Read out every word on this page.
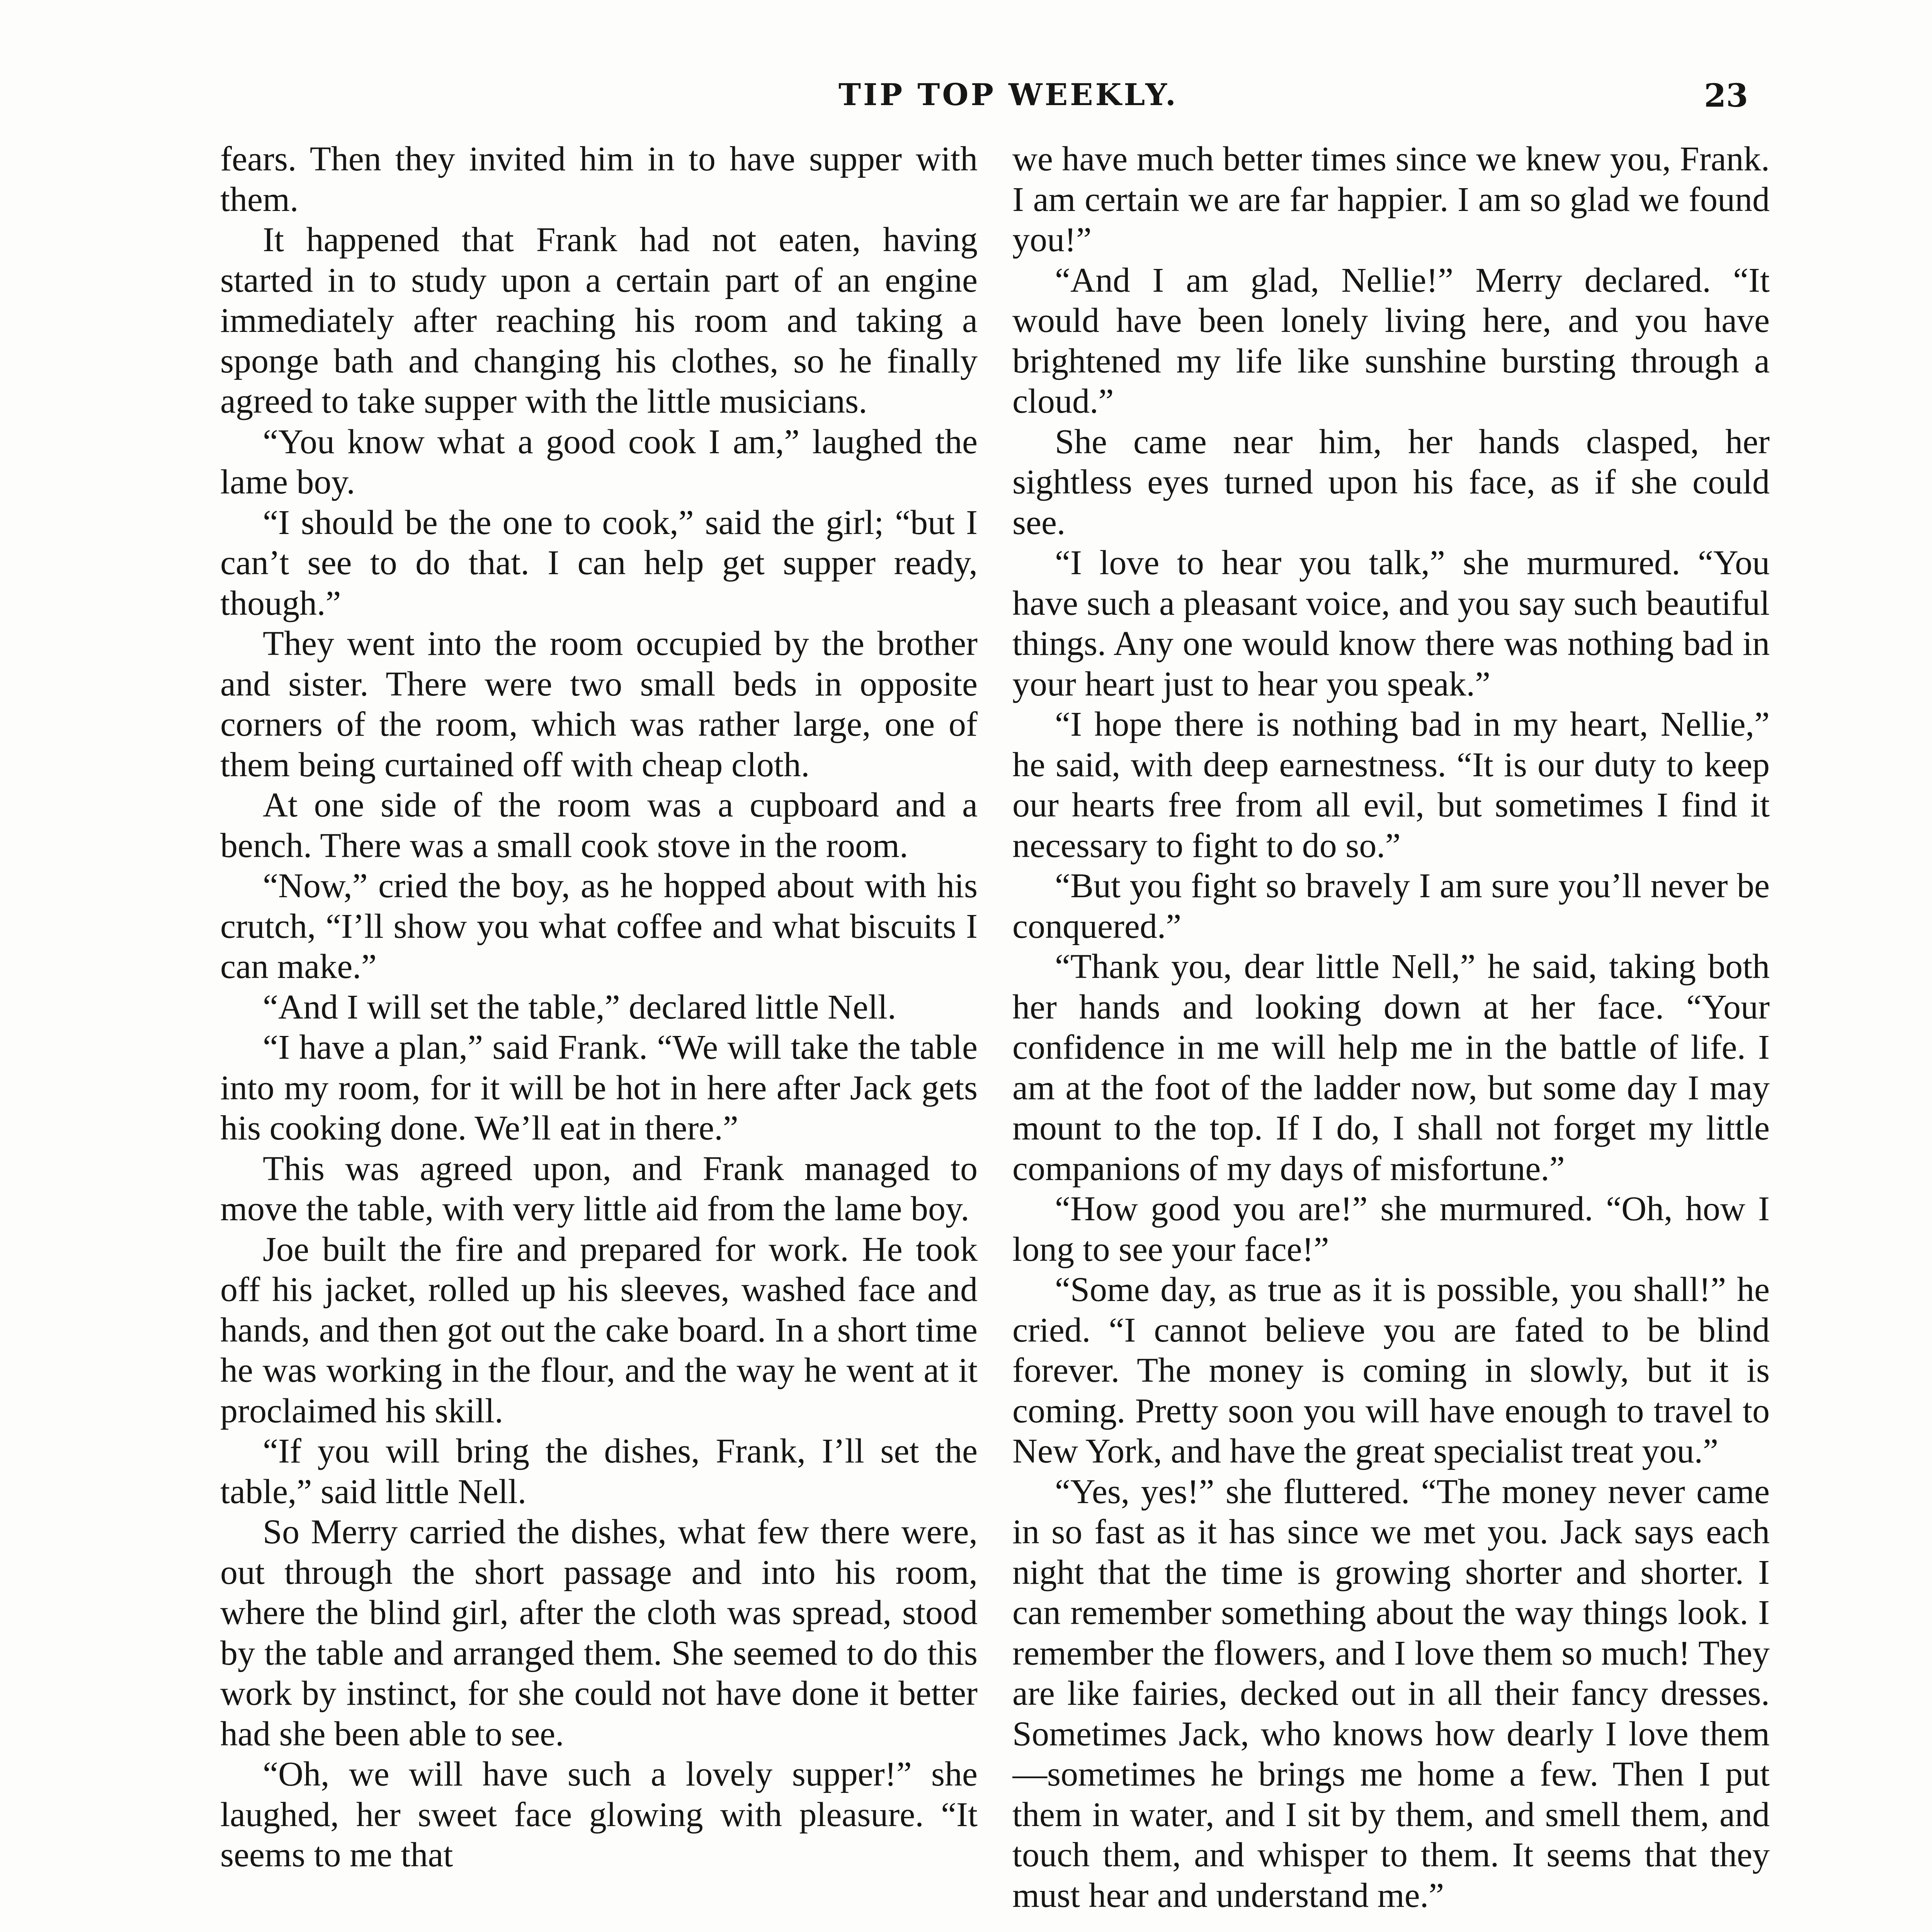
TIP TOP WEEKLY.	23

fears. Then they invited him in to have supper with them.

It happened that Frank had not eaten, having started in to study upon a certain part of an engine immediately after reaching his room and taking a sponge bath and changing his clothes, so he finally agreed to take supper with the little musicians.

“You know what a good cook I am,” laughed the lame boy.

“I should be the one to cook,” said the girl; “but I can’t see to do that. I can help get supper ready, though.”

They went into the room occupied by the brother and sister. There were two small beds in opposite corners of the room, which was rather large, one of them being curtained off with cheap cloth.

At one side of the room was a cupboard and a bench. There was a small cook stove in the room.

“Now,” cried the boy, as he hopped about with his crutch, “I’ll show you what coffee and what biscuits I can make.”

“And I will set the table,” declared little Nell.

“I have a plan,” said Frank. “We will take the table into my room, for it will be hot in here after Jack gets his cooking done. We’ll eat in there.”

This was agreed upon, and Frank managed to move the table, with very little aid from the lame boy.

Joe built the fire and prepared for work. He took off his jacket, rolled up his sleeves, washed face and hands, and then got out the cake board. In a short time he was working in the flour, and the way he went at it proclaimed his skill.

“If you will bring the dishes, Frank, I’ll set the table,” said little Nell.

So Merry carried the dishes, what few there were, out through the short passage and into his room, where the blind girl, after the cloth was spread, stood by the table and arranged them. She seemed to do this work by instinct, for she could not have done it better had she been able to see.

“Oh, we will have such a lovely supper!” she laughed, her sweet face glowing with pleasure. “It seems to me that

we have much better times since we knew you, Frank. I am certain we are far happier. I am so glad we found you!”

“And I am glad, Nellie!” Merry declared. “It would have been lonely living here, and you have brightened my life like sunshine bursting through a cloud.”

She came near him, her hands clasped, her sightless eyes turned upon his face, as if she could see.

“I love to hear you talk,” she murmured. “You have such a pleasant voice, and you say such beautiful things. Any one would know there was nothing bad in your heart just to hear you speak.”

“I hope there is nothing bad in my heart, Nellie,” he said, with deep earnestness. “It is our duty to keep our hearts free from all evil, but sometimes I find it necessary to fight to do so.”

“But you fight so bravely I am sure you’ll never be conquered.”

“Thank you, dear little Nell,” he said, taking both her hands and looking down at her face. “Your confidence in me will help me in the battle of life. I am at the foot of the ladder now, but some day I may mount to the top. If I do, I shall not forget my little companions of my days of misfortune.”

“How good you are!” she murmured. “Oh, how I long to see your face!”

“Some day, as true as it is possible, you shall!” he cried. “I cannot believe you are fated to be blind forever. The money is coming in slowly, but it is coming. Pretty soon you will have enough to travel to New York, and have the great specialist treat you.”

“Yes, yes!” she fluttered. “The money never came in so fast as it has since we met you. Jack says each night that the time is growing shorter and shorter. I can remember something about the way things look. I remember the flowers, and I love them so much! They are like fairies, decked out in all their fancy dresses. Sometimes Jack, who knows how dearly I love them—sometimes he brings me home a few. Then I put them in water, and I sit by them, and smell them, and touch them, and whisper to them. It seems that they must hear and understand me.”
